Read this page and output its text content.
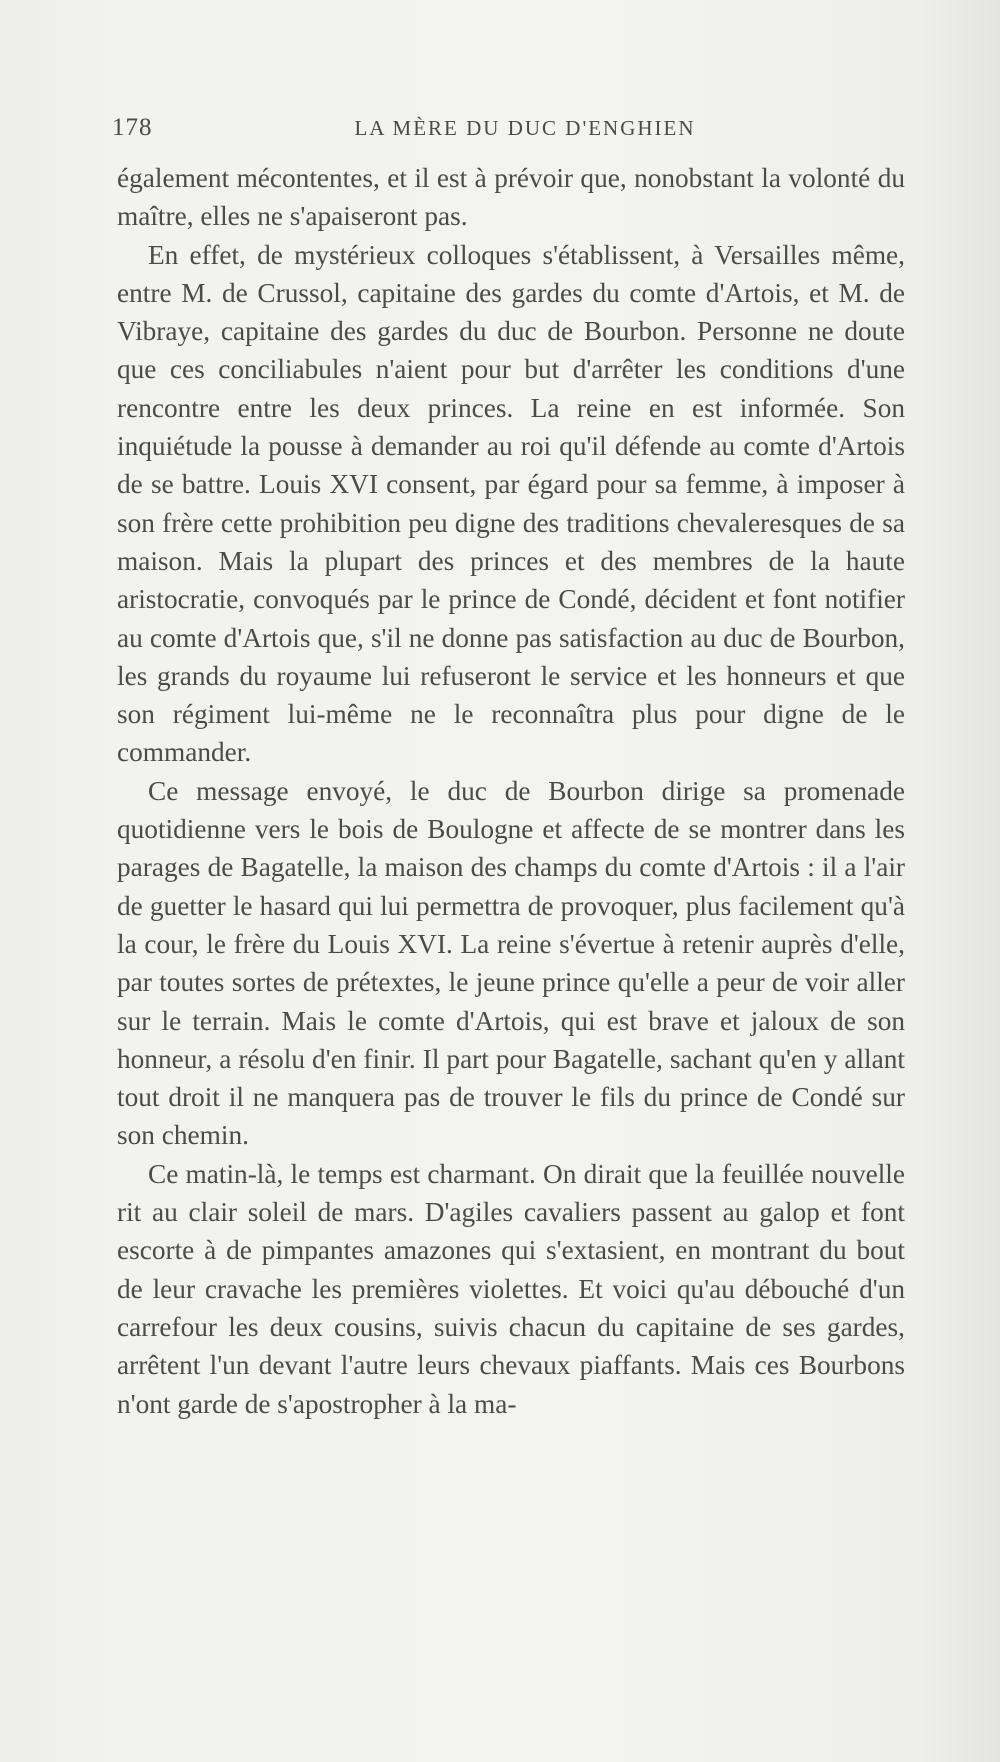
178	LA MÈRE DU DUC D'ENGHIEN

également mécontentes, et il est à prévoir que, nonobstant la volonté du maître, elles ne s'apaiseront pas.

En effet, de mystérieux colloques s'établissent, à Versailles même, entre M. de Crussol, capitaine des gardes du comte d'Artois, et M. de Vibraye, capitaine des gardes du duc de Bourbon. Personne ne doute que ces conciliabules n'aient pour but d'arrêter les conditions d'une rencontre entre les deux princes. La reine en est informée. Son inquiétude la pousse à demander au roi qu'il défende au comte d'Artois de se battre. Louis XVI consent, par égard pour sa femme, à imposer à son frère cette prohibition peu digne des traditions chevaleresques de sa maison. Mais la plupart des princes et des membres de la haute aristocratie, convoqués par le prince de Condé, décident et font notifier au comte d'Artois que, s'il ne donne pas satisfaction au duc de Bourbon, les grands du royaume lui refuseront le service et les honneurs et que son régiment lui-même ne le reconnaîtra plus pour digne de le commander.

Ce message envoyé, le duc de Bourbon dirige sa promenade quotidienne vers le bois de Boulogne et affecte de se montrer dans les parages de Bagatelle, la maison des champs du comte d'Artois : il a l'air de guetter le hasard qui lui permettra de provoquer, plus facilement qu'à la cour, le frère du Louis XVI. La reine s'évertue à retenir auprès d'elle, par toutes sortes de prétextes, le jeune prince qu'elle a peur de voir aller sur le terrain. Mais le comte d'Artois, qui est brave et jaloux de son honneur, a résolu d'en finir. Il part pour Bagatelle, sachant qu'en y allant tout droit il ne manquera pas de trouver le fils du prince de Condé sur son chemin.

Ce matin-là, le temps est charmant. On dirait que la feuillée nouvelle rit au clair soleil de mars. D'agiles cavaliers passent au galop et font escorte à de pimpantes amazones qui s'extasient, en montrant du bout de leur cravache les premières violettes. Et voici qu'au débouché d'un carrefour les deux cousins, suivis chacun du capitaine de ses gardes, arrêtent l'un devant l'autre leurs chevaux piaffants. Mais ces Bourbons n'ont garde de s'apostropher à la ma-
